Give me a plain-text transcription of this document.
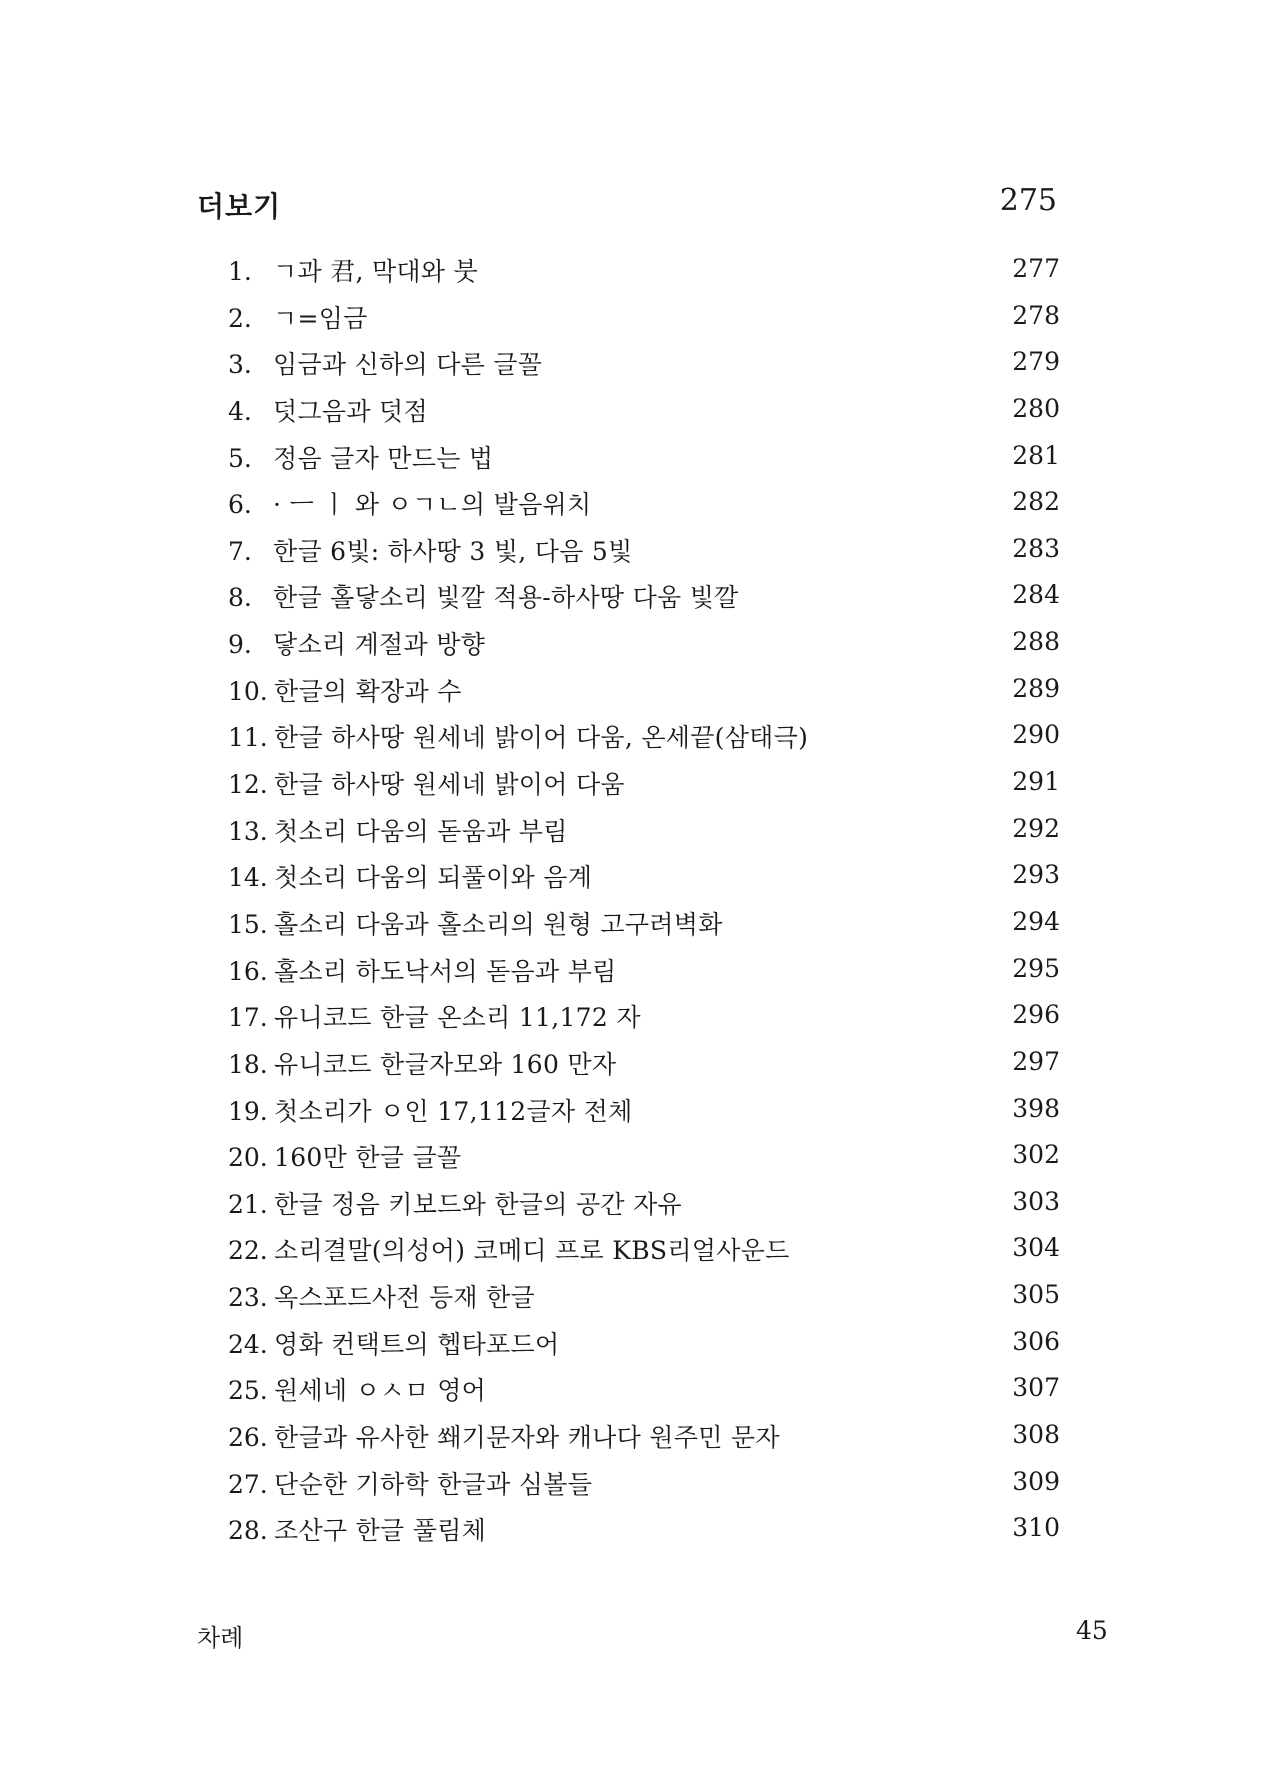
더보기	275
1. ㄱ과 君, 막대와 붓	277
2. ㄱ=임금	278
3. 임금과 신하의 다른 글꼴	279
4. 덧그음과 덧점	280
5. 정음 글자 만드는 법	281
6. · ㅡ ㅣ 와 ㅇㄱㄴ의 발음위치	282
7. 한글 6빛: 하사땅 3 빛, 다음 5빛	283
8. 한글 홀닿소리 빛깔 적용-하사땅 다움 빛깔	284
9. 닿소리 계절과 방향	288
10. 한글의 확장과 수	289
11. 한글 하사땅 원세네 밝이어 다움, 온세끝(삼태극)	290
12. 한글 하사땅 원세네 밝이어 다움	291
13. 첫소리 다움의 돋움과 부림	292
14. 첫소리 다움의 되풀이와 음계	293
15. 홀소리 다움과 홀소리의 원형 고구려벽화	294
16. 홀소리 하도낙서의 돋음과 부림	295
17. 유니코드 한글 온소리 11,172 자	296
18. 유니코드 한글자모와 160 만자	297
19. 첫소리가 ㅇ인 17,112글자 전체	398
20. 160만 한글 글꼴	302
21. 한글 정음 키보드와 한글의 공간 자유	303
22. 소리결말(의성어) 코메디 프로 KBS리얼사운드	304
23. 옥스포드사전 등재 한글	305
24. 영화 컨택트의 헵타포드어	306
25. 원세네 ㅇㅅㅁ 영어	307
26. 한글과 유사한 쐐기문자와 캐나다 원주민 문자	308
27. 단순한 기하학 한글과 심볼들	309
28. 조산구 한글 풀림체	310
차례	45
